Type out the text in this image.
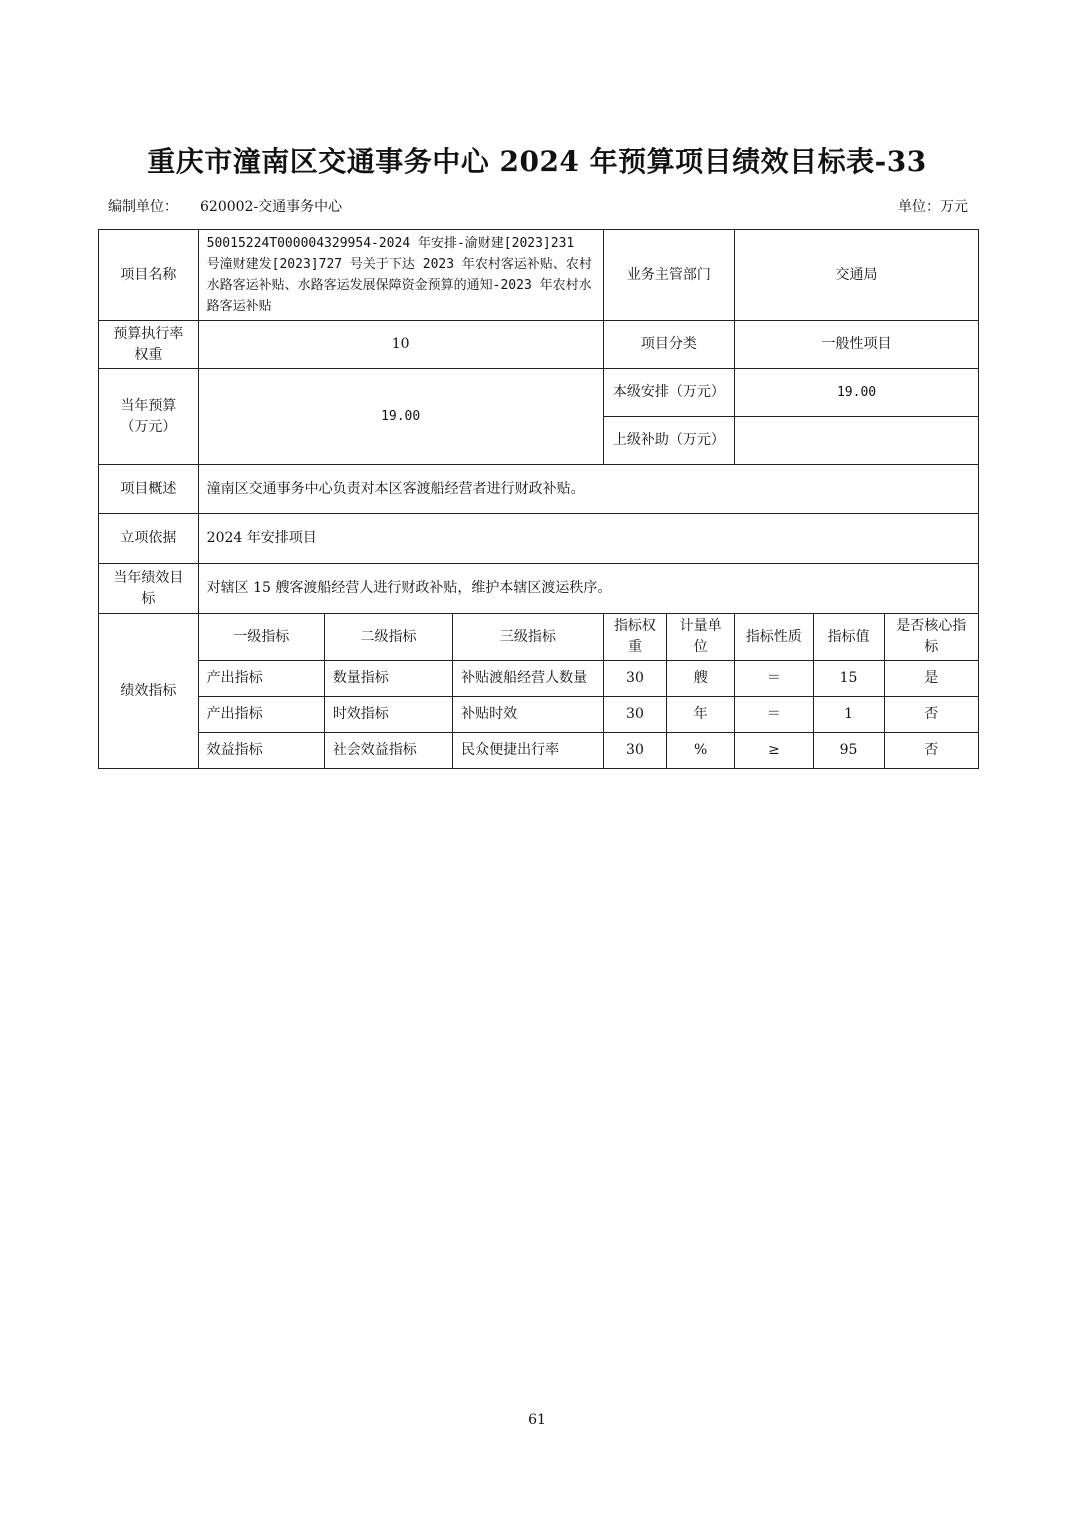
重庆市潼南区交通事务中心 2024 年预算项目绩效目标表-33
编制单位： 620002-交通事务中心	单位：万元
项目名称	50015224T000004329954-2024 年安排-渝财建[2023]231 号潼财建发[2023]727 号关于下达 2023 年农村客运补贴、农村水路客运补贴、水路客运发展保障资金预算的通知-2023 年农村水路客运补贴			业务主管部门		交通局		
预算执行率权重	10			项目分类		一般性项目		
当年预算（万元）	19.00			本级安排（万元）		19.00		
				上级补助（万元）				
项目概述	潼南区交通事务中心负责对本区客渡船经营者进行财政补贴。							
立项依据	2024 年安排项目							
当年绩效目标	对辖区 15 艘客渡船经营人进行财政补贴，维护本辖区渡运秩序。							
绩效指标	一级指标	二级指标	三级指标	指标权重	计量单位	指标性质	指标值	是否核心指标
	产出指标	数量指标	补贴渡船经营人数量	30	艘	＝	15	是
	产出指标	时效指标	补贴时效	30	年	＝	1	否
	效益指标	社会效益指标	民众便捷出行率	30	%	≥	95	否
61
